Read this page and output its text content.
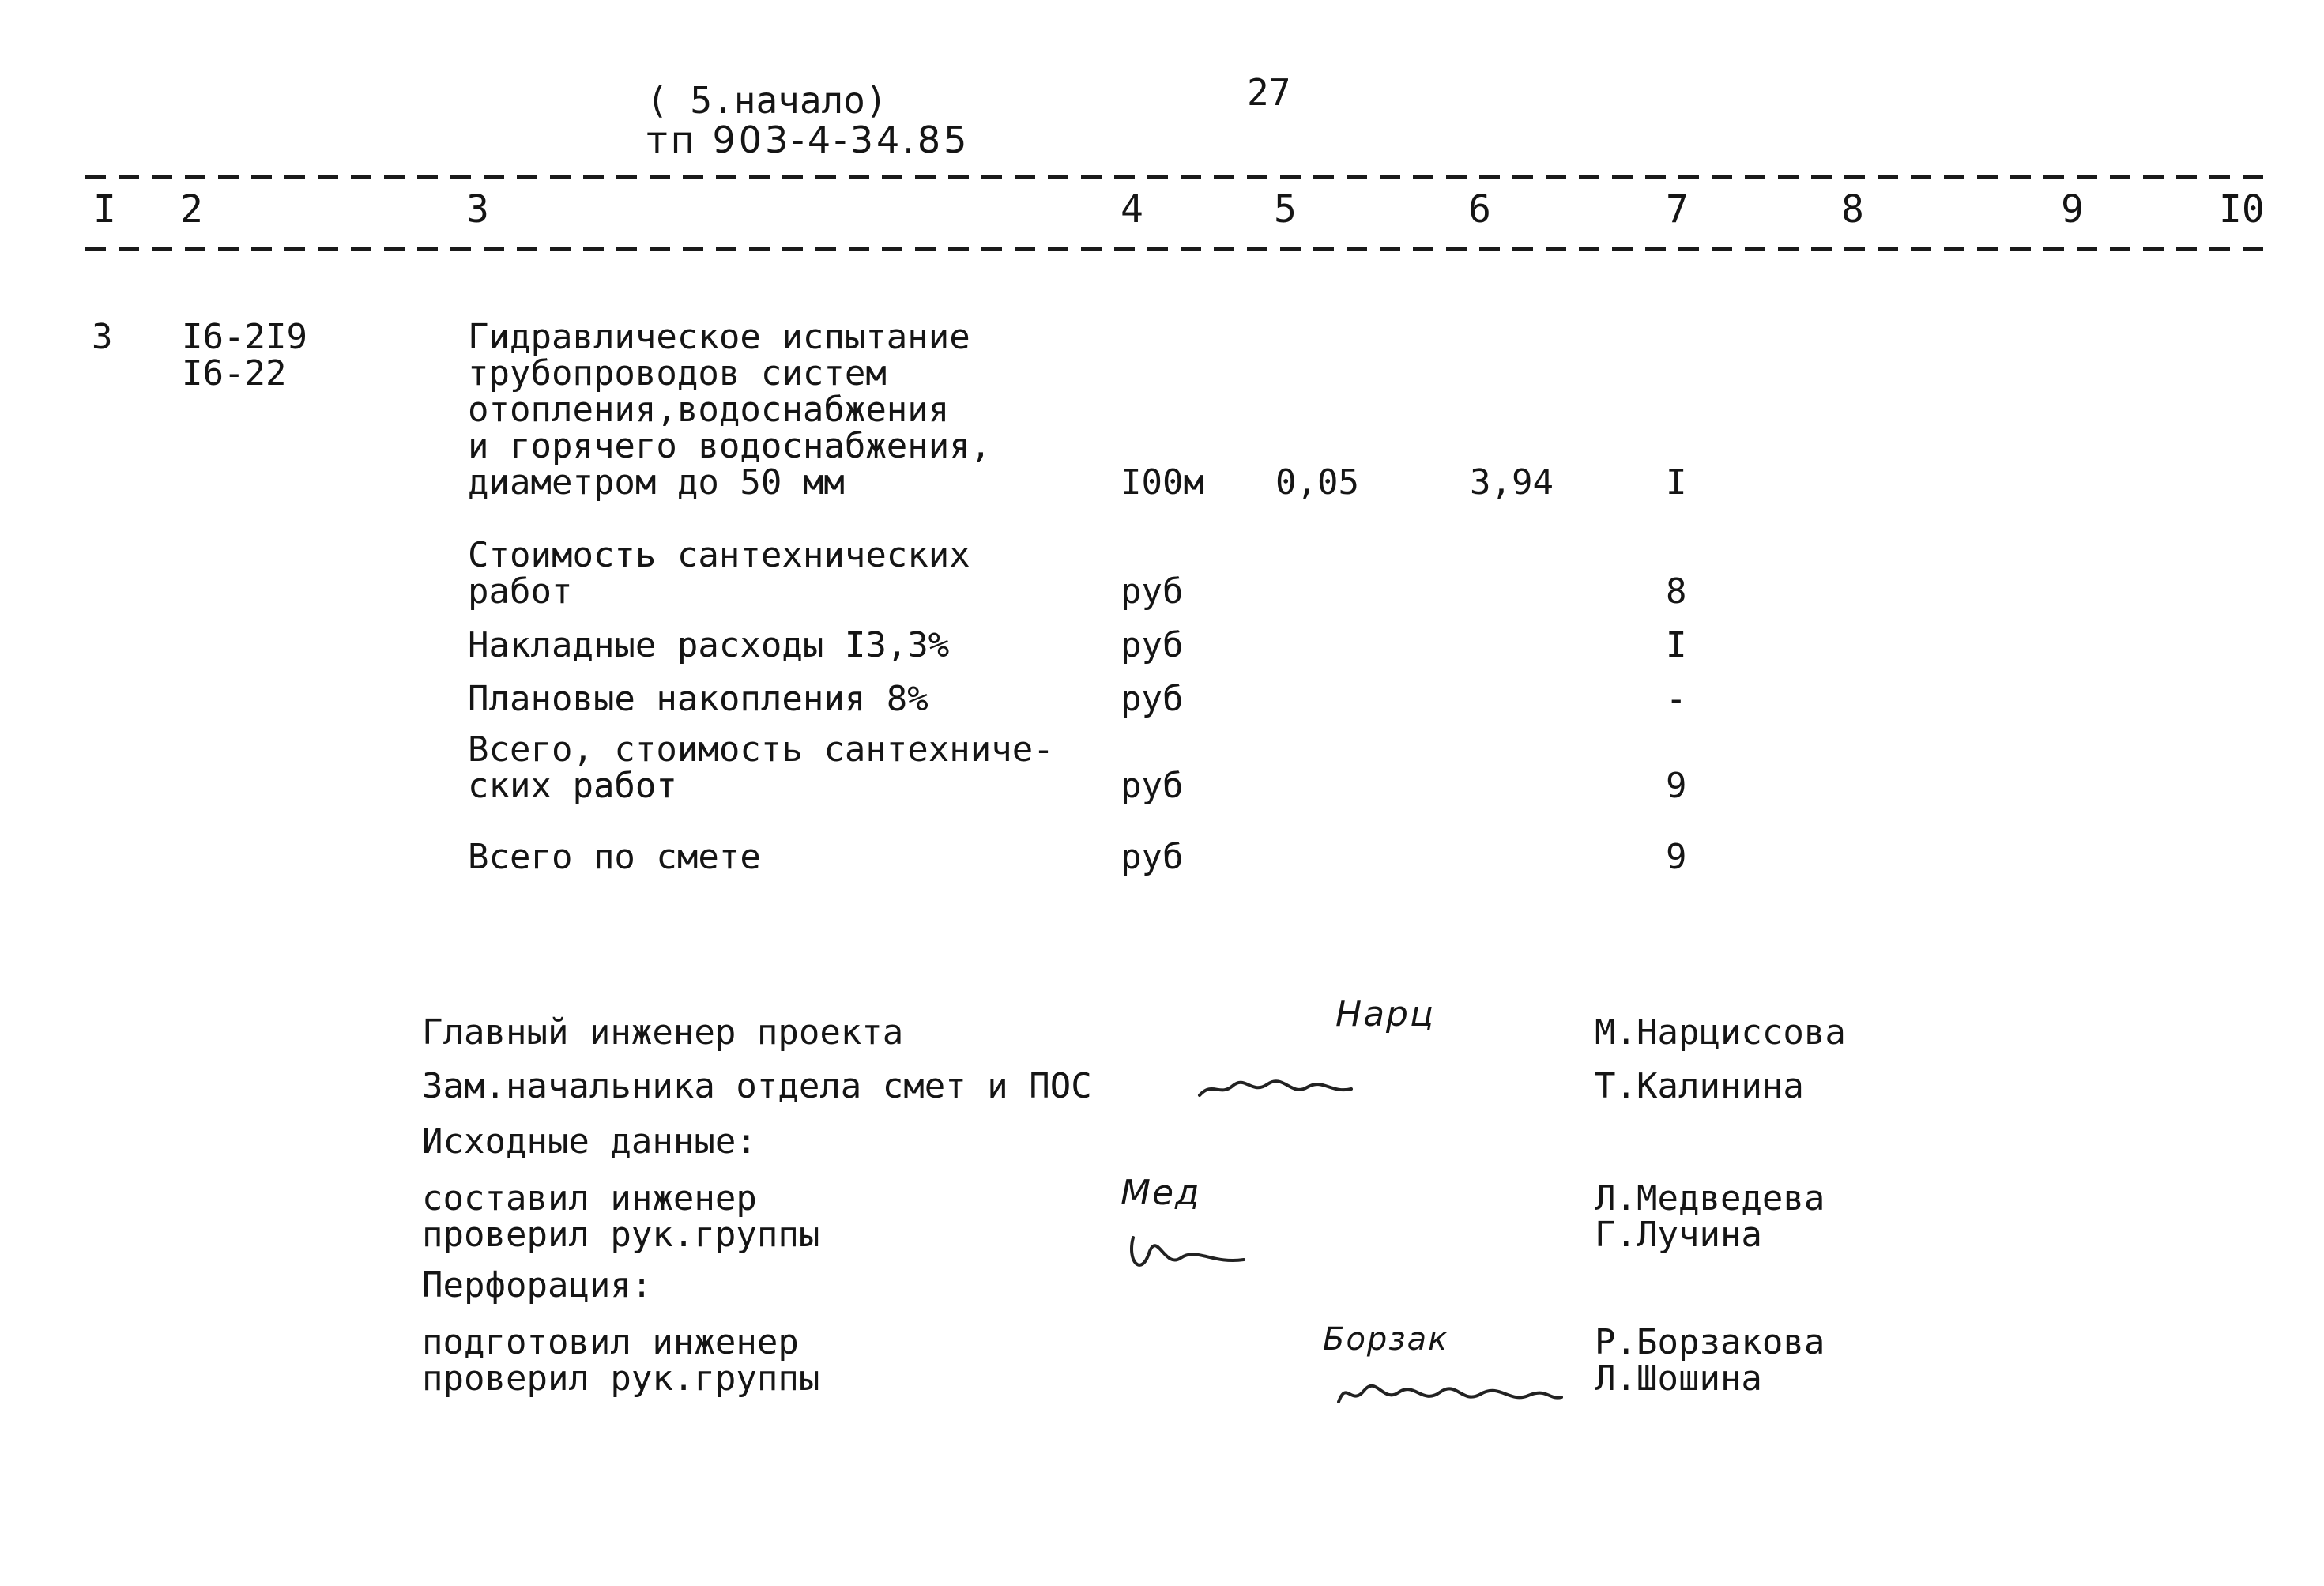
( 5.начало)	27
тп 903-4-34.85
I 2	3	4	5	6	7	8	9	I0
3 I6-2I9
I6-22
Гидравлическое испытание
трубопроводов систем
отопления,водоснабжения
и горячего водоснабжения,
диаметром до 50 мм	I00м 0,05	3,94	I
Стоимость сантехнических
работ	руб	8
Накладные расходы I3,3%	руб	I
Плановые накопления 8%	руб	-
Всего, стоимость сантехниче-
ских работ	руб	9
Всего по смете	руб	9
Главный инженер проекта	М.Нарциссова
Зам.начальника отдела смет и ПОС	Т.Калинина
Исходные данные:
составил инженер	Л.Медведева
проверил рук.группы	Г.Лучина
Перфорация:
подготовил инженер	Р.Борзакова
проверил рук.группы	Л.Шошина
Нарц
Мед
Борзак
